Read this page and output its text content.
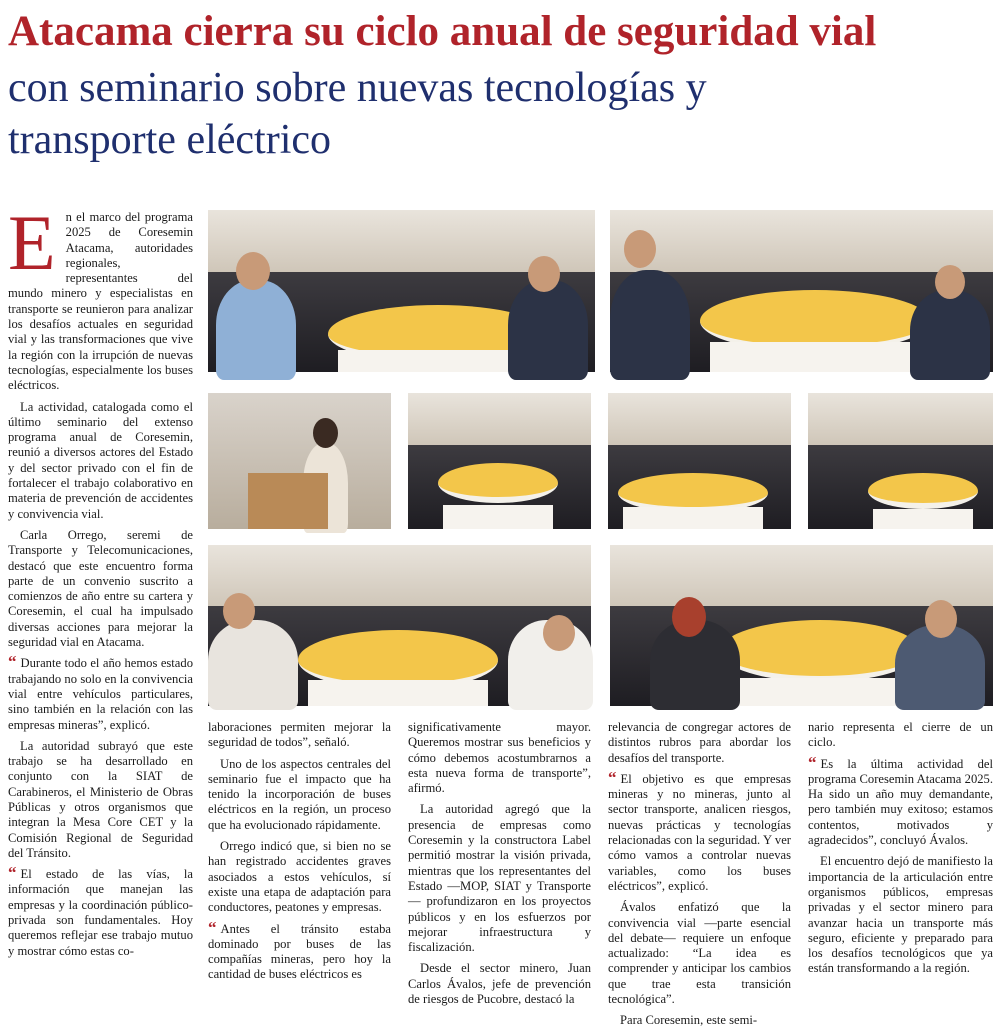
Atacama cierra su ciclo anual de seguridad vial
con seminario sobre nuevas tecnologías y
transporte eléctrico

En el marco del programa 2025 de Coresemin Atacama, autoridades regionales, representantes del mundo minero y especialistas en transporte se reunieron para analizar los desafíos actuales en seguridad vial y las transformaciones que vive la región con la irrupción de nuevas tecnologías, especialmente los buses eléctricos.

La actividad, catalogada como el último seminario del extenso programa anual de Coresemin, reunió a diversos actores del Estado y del sector privado con el fin de fortalecer el trabajo colaborativo en materia de prevención de accidentes y convivencia vial.

Carla Orrego, seremi de Transporte y Telecomunicaciones, destacó que este encuentro forma parte de un convenio suscrito a comienzos de año entre su cartera y Coresemin, el cual ha impulsado diversas acciones para mejorar la seguridad vial en Atacama.

“ Durante todo el año hemos estado trabajando no solo en la convivencia vial entre vehículos particulares, sino también en la relación con las empresas mineras”, explicó.

La autoridad subrayó que este trabajo se ha desarrollado en conjunto con la SIAT de Carabineros, el Ministerio de Obras Públicas y otros organismos que integran la Mesa Core CET y la Comisión Regional de Seguridad del Tránsito.

“ El estado de las vías, la información que manejan las empresas y la coordinación público-privada son fundamentales. Hoy queremos reflejar ese trabajo mutuo y mostrar cómo estas co-

laboraciones permiten mejorar la seguridad de todos”, señaló.

Uno de los aspectos centrales del seminario fue el impacto que ha tenido la incorporación de buses eléctricos en la región, un proceso que ha evolucionado rápidamente.

Orrego indicó que, si bien no se han registrado accidentes graves asociados a estos vehículos, sí existe una etapa de adaptación para conductores, peatones y empresas.

“ Antes el tránsito estaba dominado por buses de las compañías mineras, pero hoy la cantidad de buses eléctricos es

significativamente mayor. Queremos mostrar sus beneficios y cómo debemos acostumbrarnos a esta nueva forma de transporte”, afirmó.

La autoridad agregó que la presencia de empresas como Coresemin y la constructora Label permitió mostrar la visión privada, mientras que los representantes del Estado —MOP, SIAT y Transporte— profundizaron en los proyectos públicos y en los esfuerzos por mejorar infraestructura y fiscalización.

Desde el sector minero, Juan Carlos Ávalos, jefe de prevención de riesgos de Pucobre, destacó la

relevancia de congregar actores de distintos rubros para abordar los desafíos del transporte.

“ El objetivo es que empresas mineras y no mineras, junto al sector transporte, analicen riesgos, nuevas prácticas y tecnologías relacionadas con la seguridad. Y ver cómo vamos a controlar nuevas variables, como los buses eléctricos”, explicó.

Ávalos enfatizó que la convivencia vial —parte esencial del debate— requiere un enfoque actualizado: “La idea es comprender y anticipar los cambios que trae esta transición tecnológica”.

Para Coresemin, este semi-

nario representa el cierre de un ciclo.

“ Es la última actividad del programa Coresemin Atacama 2025. Ha sido un año muy demandante, pero también muy exitoso; estamos contentos, motivados y agradecidos”, concluyó Ávalos.

El encuentro dejó de manifiesto la importancia de la articulación entre organismos públicos, empresas privadas y el sector minero para avanzar hacia un transporte más seguro, eficiente y preparado para los desafíos tecnológicos que ya están transformando a la región.
